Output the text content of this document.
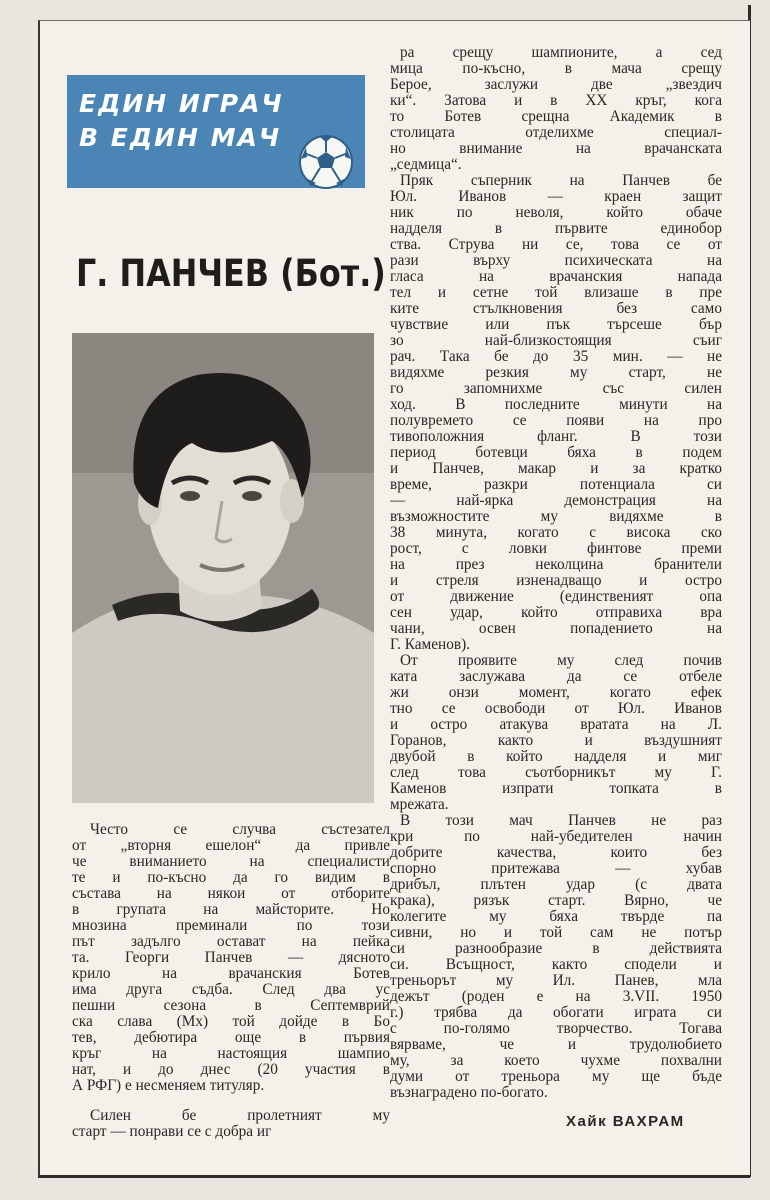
ЕДИН ИГРАЧ
В ЕДИН МАЧ
Г. ПАНЧЕВ (Бот.)

ра срещу шампионите, а сед
мица по-късно, в мача срещу
Берое, заслужи две „звездич
ки“. Затова и в XX кръг, кога
то Ботев срещна Академик в
столицата отделихме специал-
но внимание на врачанската
„седмица“.

Пряк съперник на Панчев бе
Юл. Иванов — краен защит
ник по неволя, който обаче
надделя в първите единобор
ства. Струва ни се, това се от
рази върху психическата на
гласа на врачанския напада
тел и сетне той влизаше в пре
ките стълкновения без само
чувствие или пък търсеше бър
зо най-близкостоящия съиг
рач. Така бе до 35 мин. — не
видяхме резкия му старт, не
го запомнихме със силен
ход. В последните минути на
полувремето се появи на про
тивоположния фланг. В този
период ботевци бяха в подем
и Панчев, макар и за кратко
време, разкри потенциала си
— най-ярка демонстрация на
възможностите му видяхме в
38 минута, когато с висока ско
рост, с ловки финтове преми
на през неколцина бранители
и стреля изненадващо и остро
от движение (единственият опа
сен удар, който отправиха вра
чани, освен попадението на
Г. Каменов).

От проявите му след почив
ката заслужава да се отбеле
жи онзи момент, когато ефек
тно се освободи от Юл. Иванов
и остро атакува вратата на Л.
Горанов, както и въздушният
двубой в който надделя и миг
след това съотборникът му Г.
Каменов изпрати топката в
мрежата.

В този мач Панчев не раз
кри по най-убедителен начин
добрите качества, които без
спорно притежава — хубав
дрибъл, плътен удар (с двата
крака), рязък старт. Вярно, че
колегите му бяха твърде па
сивни, но и той сам не потър
си разнообразие в действията
си. Всъщност, както сподели и
треньорът му Ил. Панев, мла
дежът (роден е на 3.VII. 1950
г.) трябва да обогати играта си
с по-голямо творчество. Тогава
вярваме, че и трудолюбието
му, за което чухме похвални
думи от треньора му ще бъде
възнаградено по-богато.

Често се случва състезател
от „вторня ешелон“ да привле
че вниманието на специалисти
те и по-късно да го видим в
състава на някои от отборите
в групата на майсторите. Но
мнозина преминали по този
път задълго остават на пейка
та. Георги Панчев — дясното
крило на врачанския Ботев
има друга съдба. След два ус
пешни сезона в Септемврий
ска слава (Мх) той дойде в Бо
тев, дебютира още в първия
кръг на настоящия шампио
нат, и до днес (20 участия в
А РФГ) е несменяем титуляр.

Силен бе пролетният му
старт — понрави се с добра иг

Хайк ВАХРАМ
